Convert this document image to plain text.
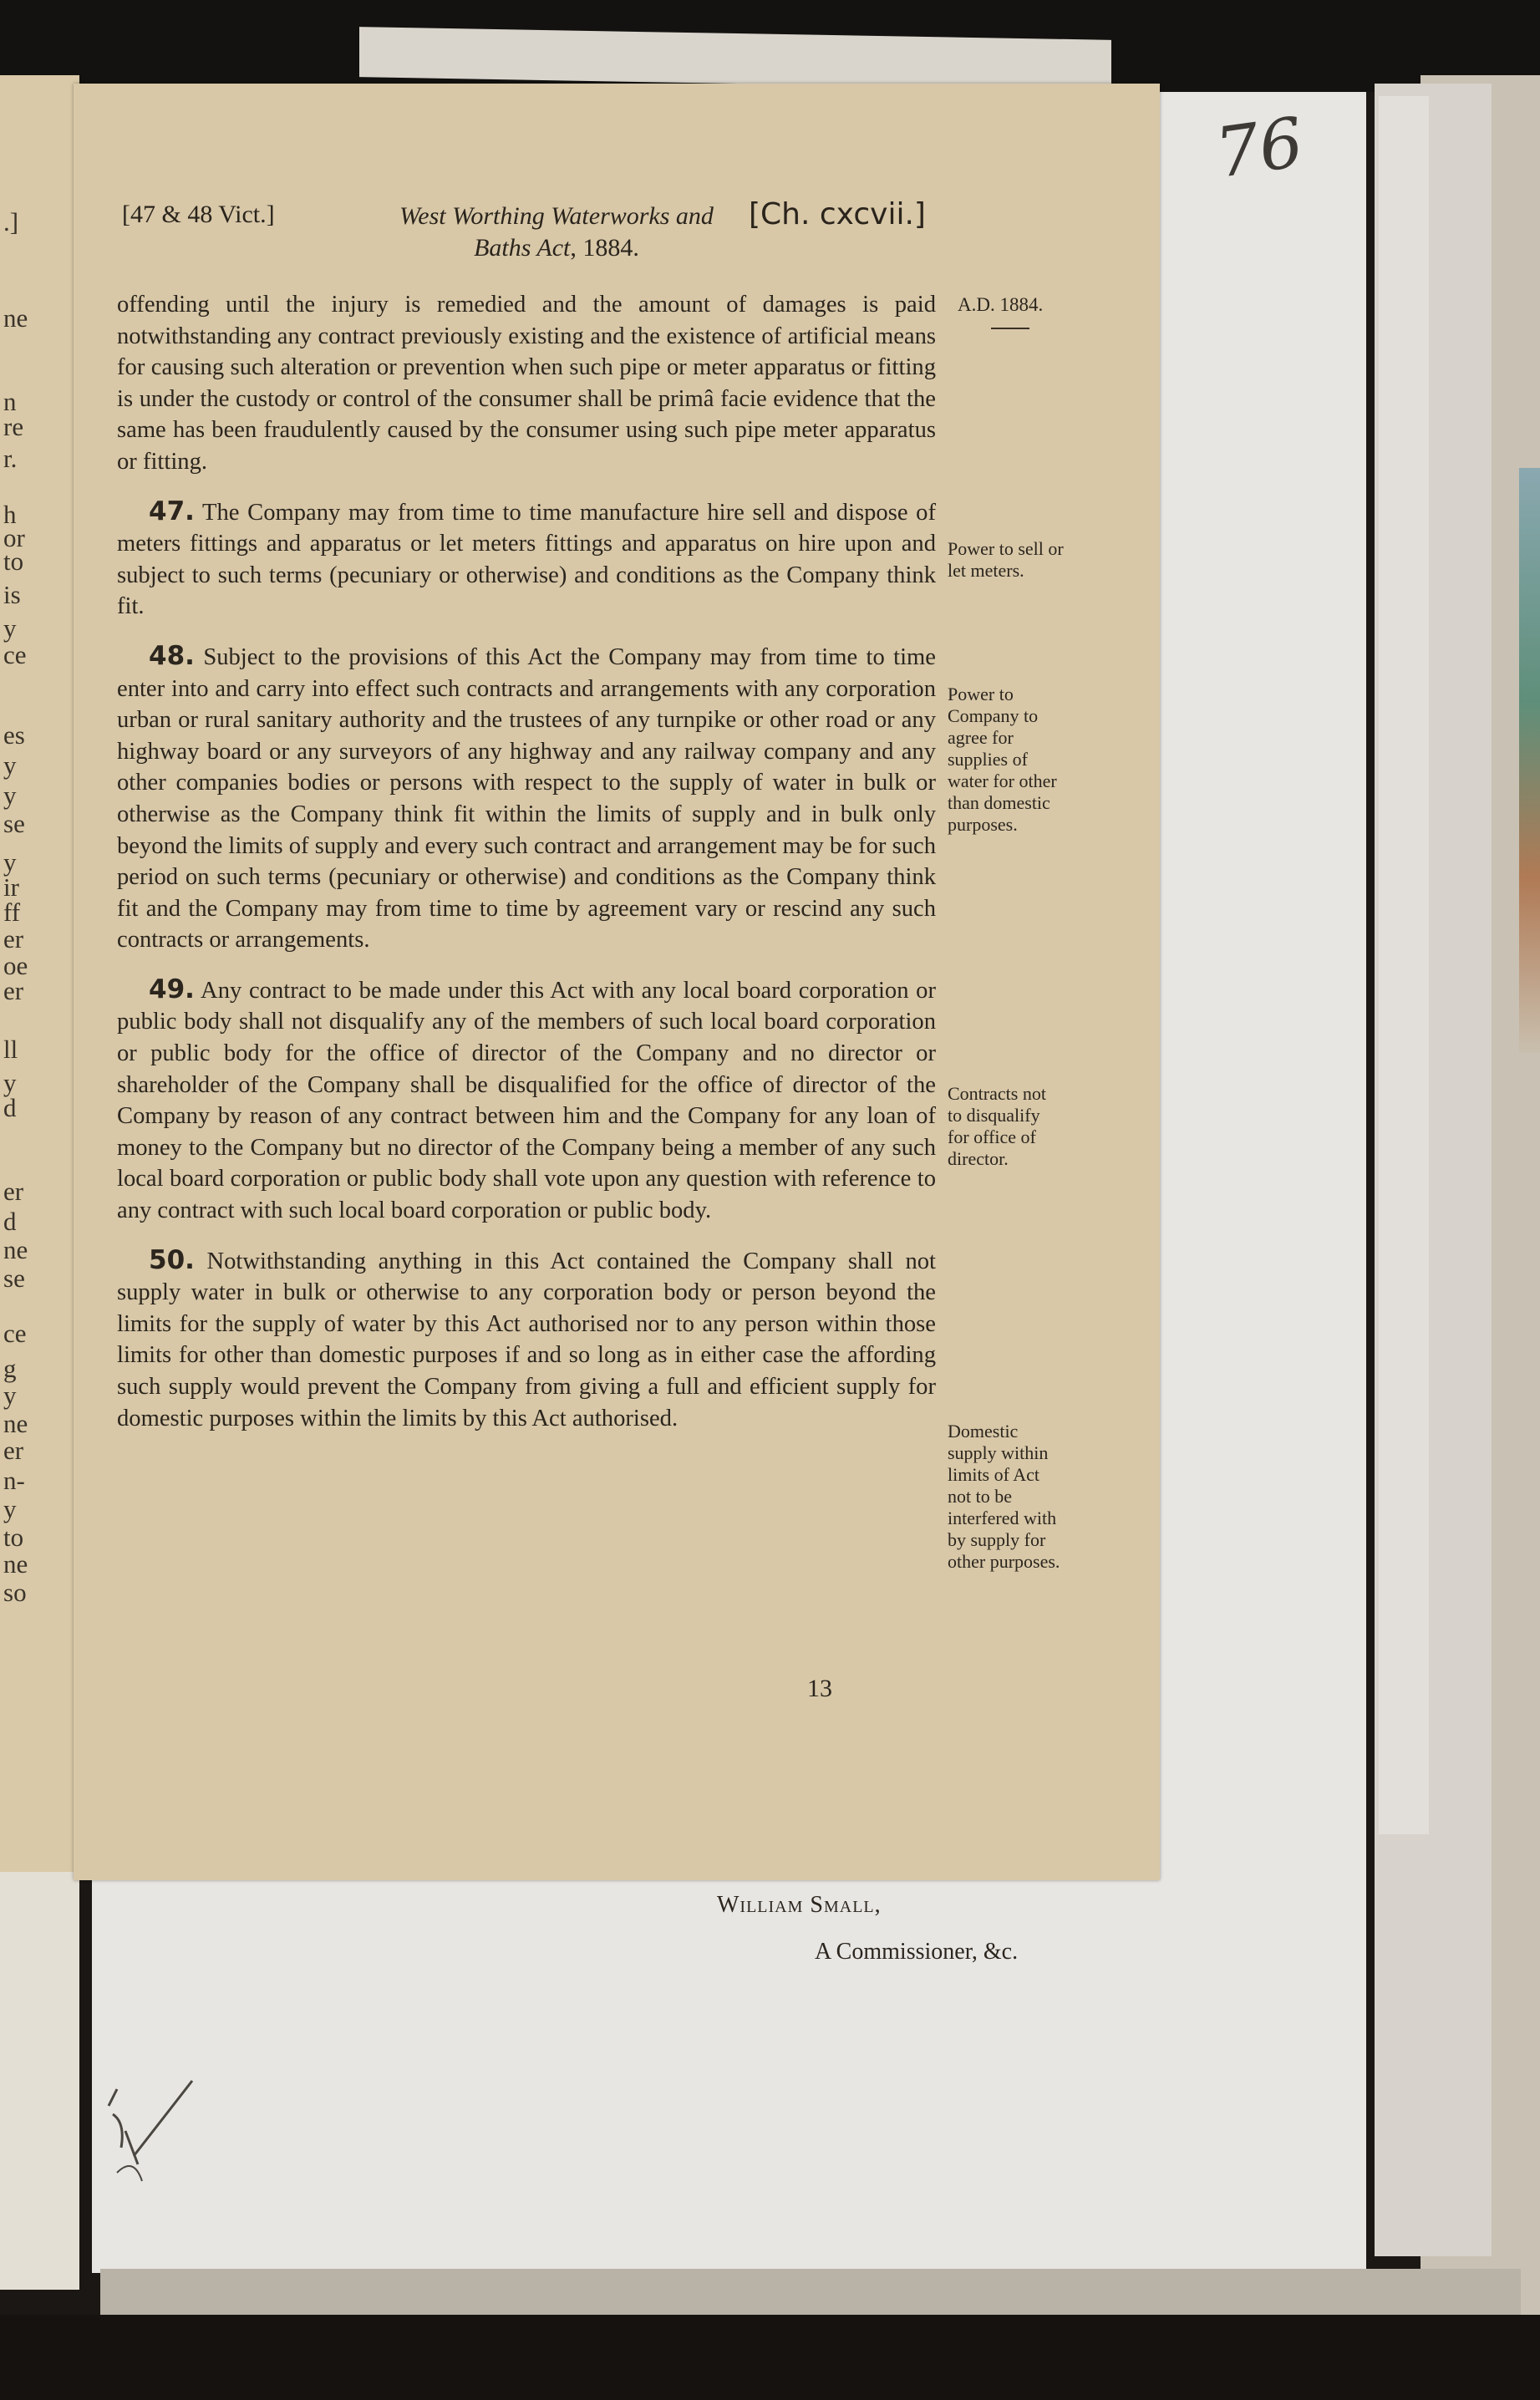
.]
ne
n
re
r.
h
or
to
is
y
ce
es
y
y
se
y
ir
ff
er
oe
er
ll
y
d
er
d
ne
se
ce
g
y
ne
er
n-
y
to
ne
so
76
[47 & 48 Vict.]	West Worthing Waterworks and
Baths Act, 1884.
[Ch. cxcvii.]
A.D. 1884.

offending until the injury is remedied and the amount of damages is paid notwithstanding any contract previously existing and the existence of artificial means for causing such alteration or prevention when such pipe or meter apparatus or fitting is under the custody or control of the consumer shall be primâ facie evidence that the same has been fraudulently caused by the consumer using such pipe meter apparatus or fitting.

47. The Company may from time to time manufacture hire sell and dispose of meters fittings and apparatus or let meters fittings and apparatus on hire upon and subject to such terms (pecuniary or otherwise) and conditions as the Company think fit.

48. Subject to the provisions of this Act the Company may from time to time enter into and carry into effect such contracts and arrangements with any corporation urban or rural sanitary authority and the trustees of any turnpike or other road or any highway board or any surveyors of any highway and any railway company and any other companies bodies or persons with respect to the supply of water in bulk or otherwise as the Company think fit within the limits of supply and in bulk only beyond the limits of supply and every such contract and arrangement may be for such period on such terms (pecuniary or otherwise) and conditions as the Company think fit and the Company may from time to time by agreement vary or rescind any such contracts or arrangements.

49. Any contract to be made under this Act with any local board corporation or public body shall not disqualify any of the members of such local board corporation or public body for the office of director of the Company and no director or shareholder of the Company shall be disqualified for the office of director of the Company by reason of any contract between him and the Company for any loan of money to the Company but no director of the Company being a member of any such local board corporation or public body shall vote upon any question with reference to any contract with such local board corporation or public body.

50. Notwithstanding anything in this Act contained the Company shall not supply water in bulk or otherwise to any corporation body or person beyond the limits for the supply of water by this Act authorised nor to any person within those limits for other than domestic purposes if and so long as in either case the affording such supply would prevent the Company from giving a full and efficient supply for domestic purposes within the limits by this Act authorised.

Power to sell or let meters.
Power to Company to agree for supplies of water for other than domestic purposes.
Contracts not to disqualify for office of director.
Domestic supply within limits of Act not to be interfered with by supply for other purposes.
13
William Small,
A Commissioner, &c.
